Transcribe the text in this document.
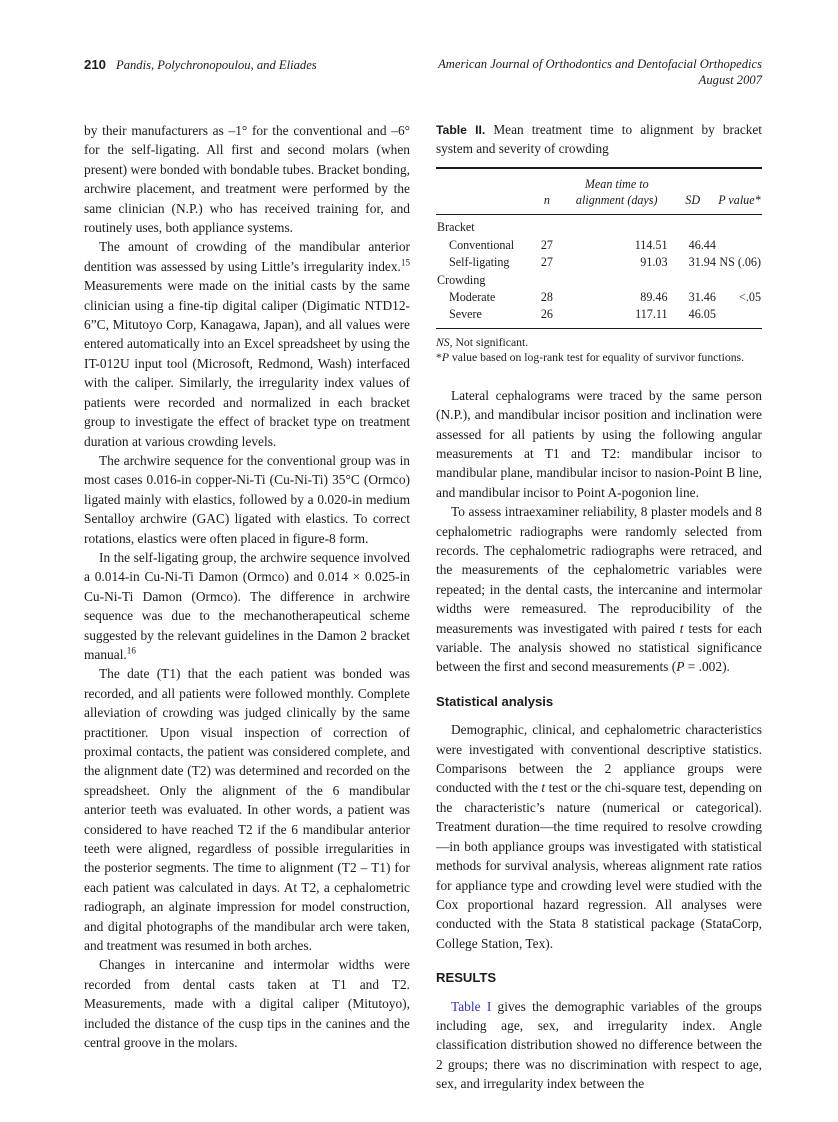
210 Pandis, Polychronopoulou, and Eliades	American Journal of Orthodontics and Dentofacial Orthopedics
August 2007

by their manufacturers as –1° for the conventional and –6° for the self-ligating. All first and second molars (when present) were bonded with bondable tubes. Bracket bonding, archwire placement, and treatment were performed by the same clinician (N.P.) who has received training for, and routinely uses, both appliance systems.

The amount of crowding of the mandibular anterior dentition was assessed by using Little’s irregularity index.$^{15}$ Measurements were made on the initial casts by the same clinician using a fine-tip digital caliper (Digimatic NTD12-6”C, Mitutoyo Corp, Kanagawa, Japan), and all values were entered automatically into an Excel spreadsheet by using the IT-012U input tool (Microsoft, Redmond, Wash) interfaced with the caliper. Similarly, the irregularity index values of patients were recorded and normalized in each bracket group to investigate the effect of bracket type on treatment duration at various crowding levels.

The archwire sequence for the conventional group was in most cases 0.016-in copper-Ni-Ti (Cu-Ni-Ti) 35°C (Ormco) ligated mainly with elastics, followed by a 0.020-in medium Sentalloy archwire (GAC) ligated with elastics. To correct rotations, elastics were often placed in figure-8 form.

In the self-ligating group, the archwire sequence involved a 0.014-in Cu-Ni-Ti Damon (Ormco) and 0.014 × 0.025-in Cu-Ni-Ti Damon (Ormco). The difference in archwire sequence was due to the mechanotherapeutical scheme suggested by the relevant guidelines in the Damon 2 bracket manual.$^{16}$

The date (T1) that the each patient was bonded was recorded, and all patients were followed monthly. Complete alleviation of crowding was judged clinically by the same practitioner. Upon visual inspection of correction of proximal contacts, the patient was considered complete, and the alignment date (T2) was determined and recorded on the spreadsheet. Only the alignment of the 6 mandibular anterior teeth was evaluated. In other words, a patient was considered to have reached T2 if the 6 mandibular anterior teeth were aligned, regardless of possible irregularities in the posterior segments. The time to alignment (T2 – T1) for each patient was calculated in days. At T2, a cephalometric radiograph, an alginate impression for model construction, and digital photographs of the mandibular arch were taken, and treatment was resumed in both arches.

Changes in intercanine and intermolar widths were recorded from dental casts taken at T1 and T2. Measurements, made with a digital caliper (Mitutoyo), included the distance of the cusp tips in the canines and the central groove in the molars.

Table II. Mean treatment time to alignment by bracket system and severity of crowding

	n	Mean time to alignment (days)	SD	P value*
Bracket				
Conventional	27	114.51	46.44	
Self-ligating	27	91.03	31.94	NS (.06)
Crowding				
Moderate	28	89.46	31.46	<.05
Severe	26	117.11	46.05	

NS, Not significant.

*P value based on log-rank test for equality of survivor functions.

Lateral cephalograms were traced by the same person (N.P.), and mandibular incisor position and inclination were assessed for all patients by using the following angular measurements at T1 and T2: mandibular incisor to mandibular plane, mandibular incisor to nasion-Point B line, and mandibular incisor to Point A-pogonion line.

To assess intraexaminer reliability, 8 plaster models and 8 cephalometric radiographs were randomly selected from records. The cephalometric radiographs were retraced, and the measurements of the cephalometric variables were repeated; in the dental casts, the intercanine and intermolar widths were remeasured. The reproducibility of the measurements was investigated with paired t tests for each variable. The analysis showed no statistical significance between the first and second measurements (P = .002).

Statistical analysis

Demographic, clinical, and cephalometric characteristics were investigated with conventional descriptive statistics. Comparisons between the 2 appliance groups were conducted with the t test or the chi-square test, depending on the characteristic’s nature (numerical or categorical). Treatment duration—the time required to resolve crowding—in both appliance groups was investigated with statistical methods for survival analysis, whereas alignment rate ratios for appliance type and crowding level were studied with the Cox proportional hazard regression. All analyses were conducted with the Stata 8 statistical package (StataCorp, College Station, Tex).

RESULTS

Table I gives the demographic variables of the groups including age, sex, and irregularity index. Angle classification distribution showed no difference between the 2 groups; there was no discrimination with respect to age, sex, and irregularity index between the
